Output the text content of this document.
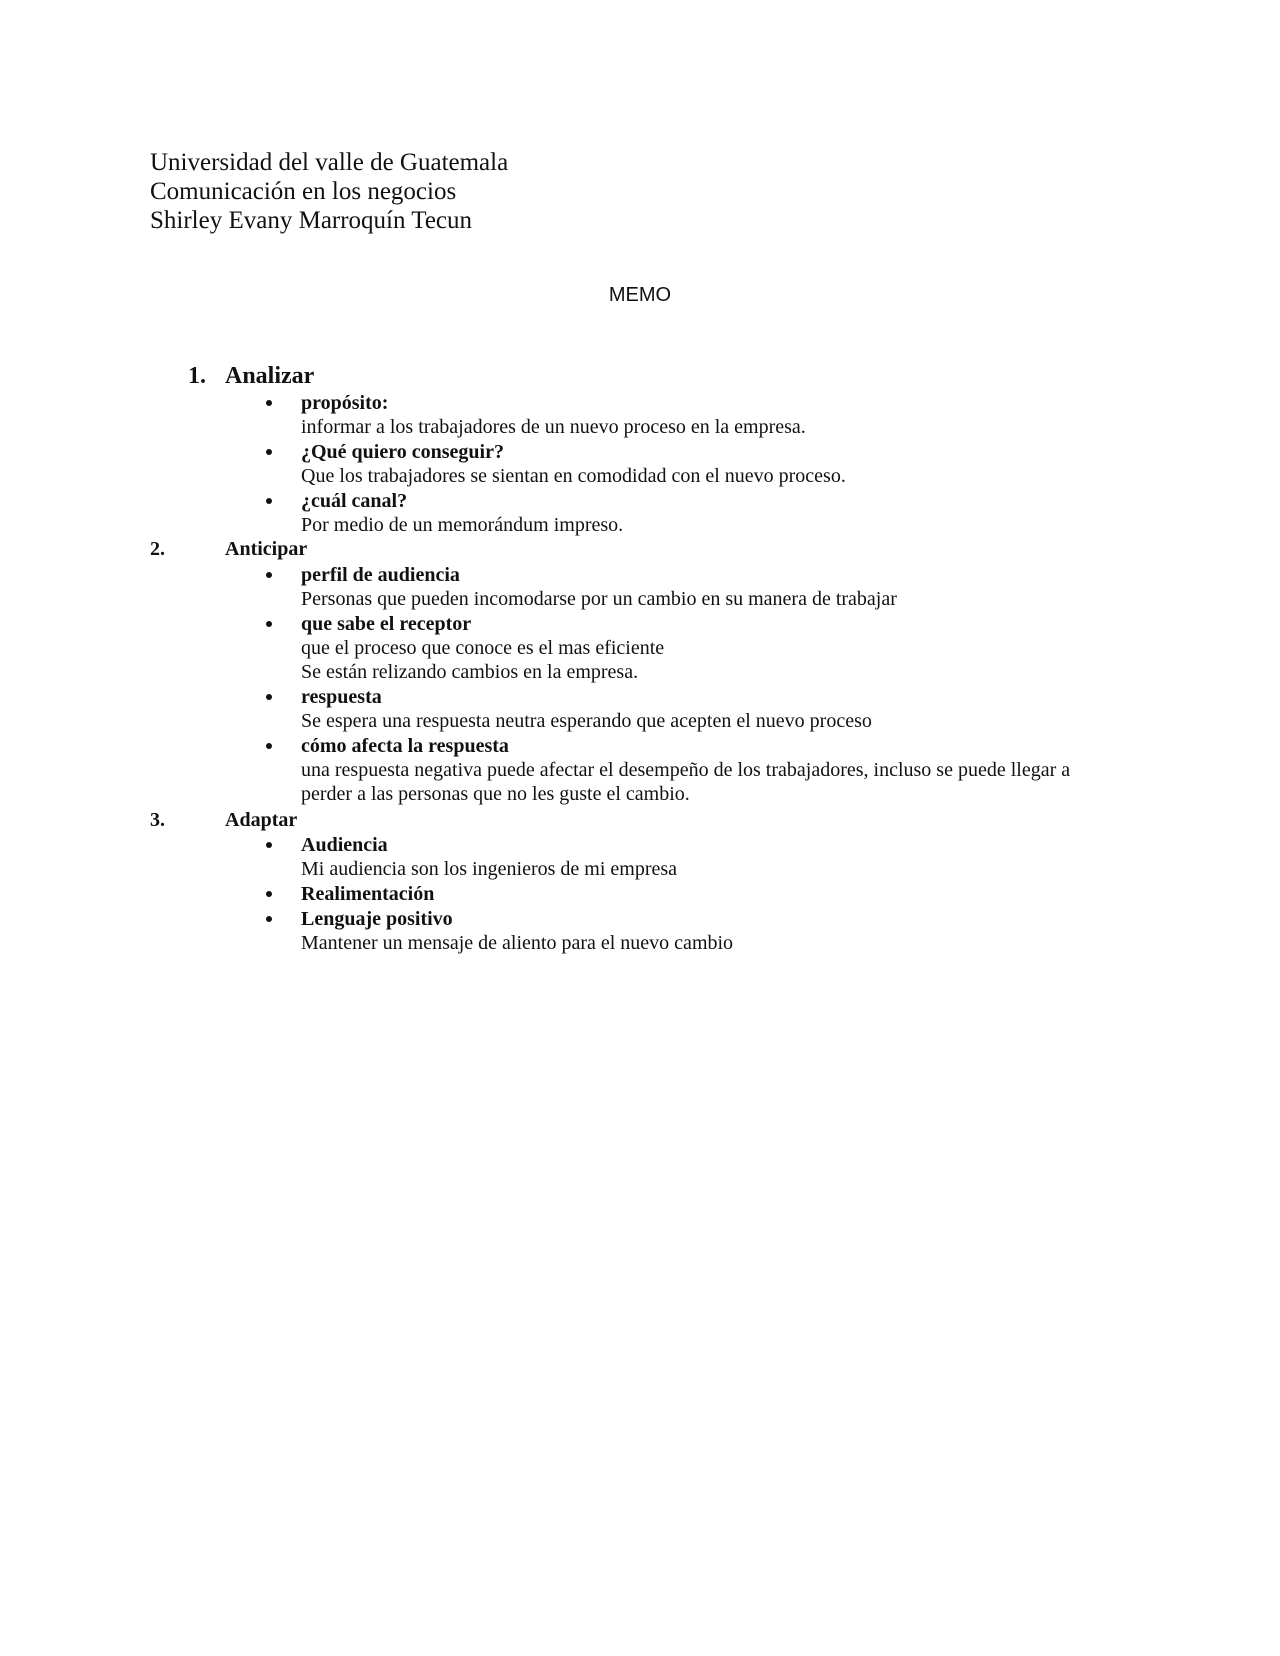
Universidad del valle de Guatemala
Comunicación en los negocios
Shirley Evany Marroquín Tecun
MEMO
1. Analizar
propósito:
informar a los trabajadores de un nuevo proceso en la empresa.
¿Qué quiero conseguir?
Que los trabajadores se sientan en comodidad con el nuevo proceso.
¿cuál canal?
Por medio de un memorándum impreso.
2.	Anticipar
perfil de audiencia
Personas que pueden incomodarse por un cambio en su manera de trabajar
que sabe el receptor
que el proceso que conoce es el mas eficiente
Se están relizando cambios en la empresa.
respuesta
Se espera una respuesta neutra esperando que acepten el nuevo proceso
cómo afecta la respuesta
una respuesta negativa puede afectar el desempeño de los trabajadores, incluso se puede llegar a
perder a las personas que no les guste el cambio.
3.	Adaptar
Audiencia
Mi audiencia son los ingenieros de mi empresa
Realimentación
Lenguaje positivo
Mantener un mensaje de aliento para el nuevo cambio
